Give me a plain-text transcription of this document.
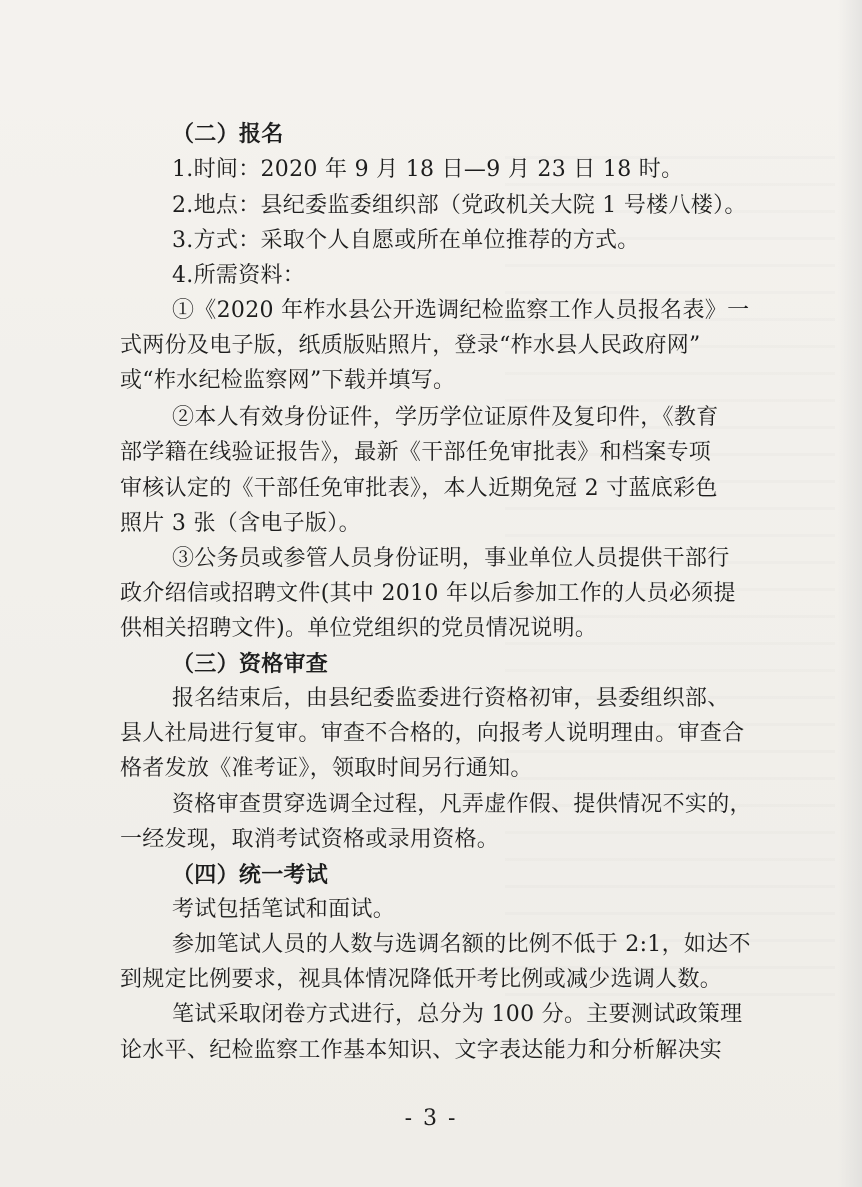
（二）报名

1.时间：2020 年 9 月 18 日—9 月 23 日 18 时。

2.地点：县纪委监委组织部（党政机关大院 1 号楼八楼）。

3.方式：采取个人自愿或所在单位推荐的方式。

4.所需资料：

①《2020 年柞水县公开选调纪检监察工作人员报名表》一

式两份及电子版，纸质版贴照片，登录“柞水县人民政府网”

或“柞水纪检监察网”下载并填写。

②本人有效身份证件，学历学位证原件及复印件，《教育

部学籍在线验证报告》，最新《干部任免审批表》和档案专项

审核认定的《干部任免审批表》，本人近期免冠 2 寸蓝底彩色

照片 3 张（含电子版）。

③公务员或参管人员身份证明，事业单位人员提供干部行

政介绍信或招聘文件(其中 2010 年以后参加工作的人员必须提

供相关招聘文件)。单位党组织的党员情况说明。

（三）资格审查

报名结束后，由县纪委监委进行资格初审，县委组织部、

县人社局进行复审。审查不合格的，向报考人说明理由。审查合

格者发放《准考证》，领取时间另行通知。

资格审查贯穿选调全过程，凡弄虚作假、提供情况不实的，

一经发现，取消考试资格或录用资格。

（四）统一考试

考试包括笔试和面试。

参加笔试人员的人数与选调名额的比例不低于 2:1，如达不

到规定比例要求，视具体情况降低开考比例或减少选调人数。

笔试采取闭卷方式进行，总分为 100 分。主要测试政策理

论水平、纪检监察工作基本知识、文字表达能力和分析解决实

- 3 -
